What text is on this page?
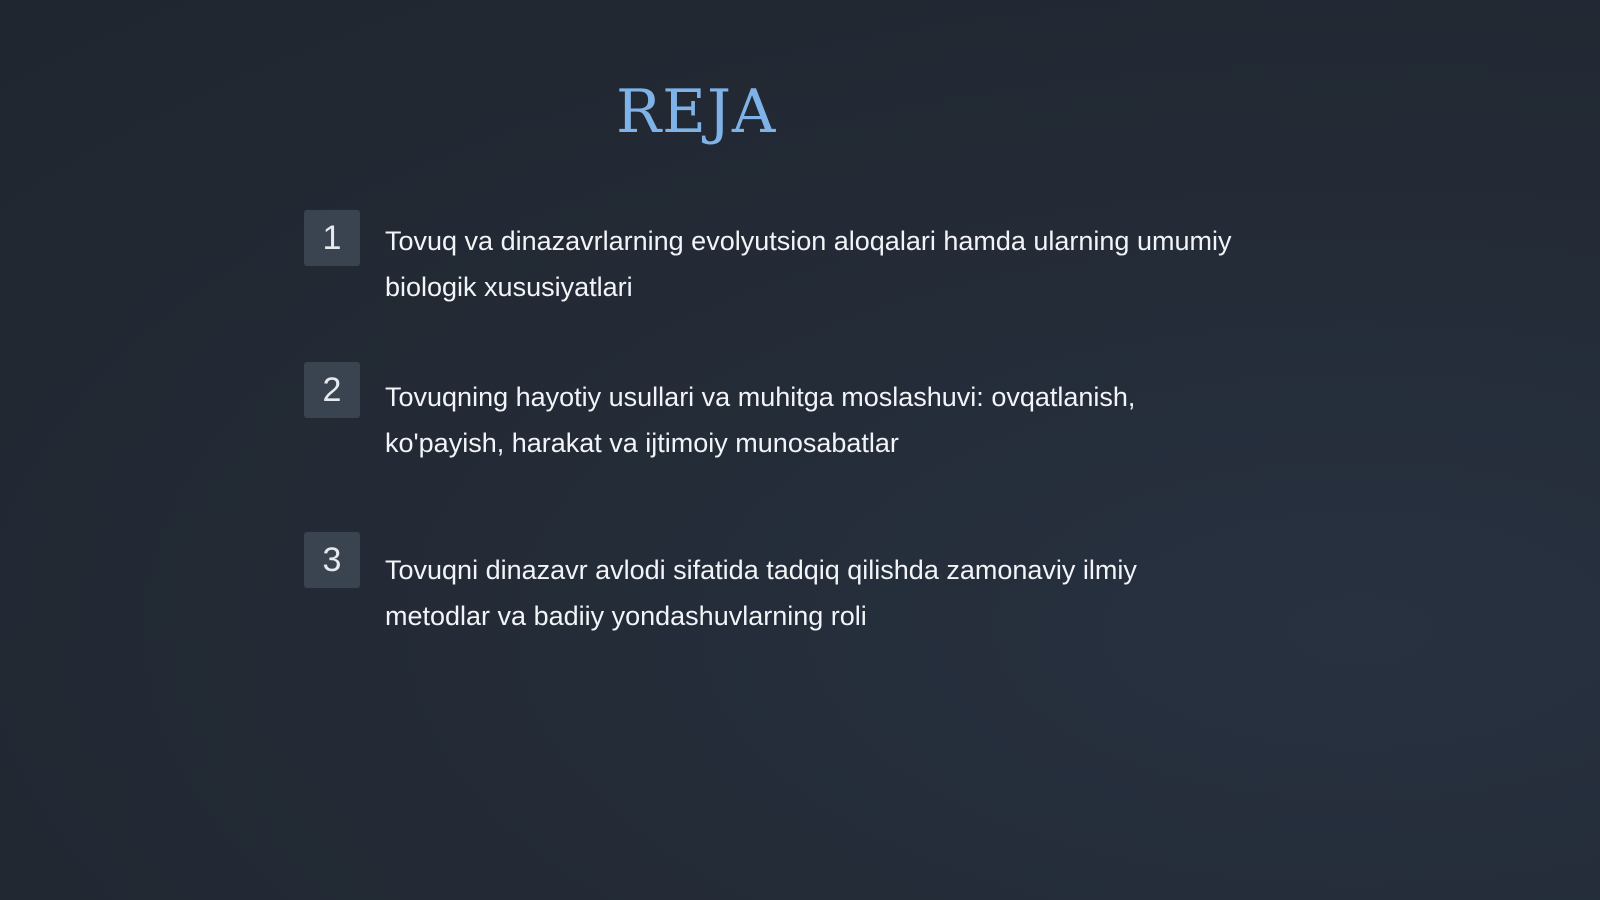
REJA
1	Tovuq va dinazavrlarning evolyutsion aloqalari hamda ularning umumiy biologik xususiyatlari

2	Tovuqning hayotiy usullari va muhitga moslashuvi: ovqatlanish, ko'payish, harakat va ijtimoiy munosabatlar

3	Tovuqni dinazavr avlodi sifatida tadqiq qilishda zamonaviy ilmiy metodlar va badiiy yondashuvlarning roli
